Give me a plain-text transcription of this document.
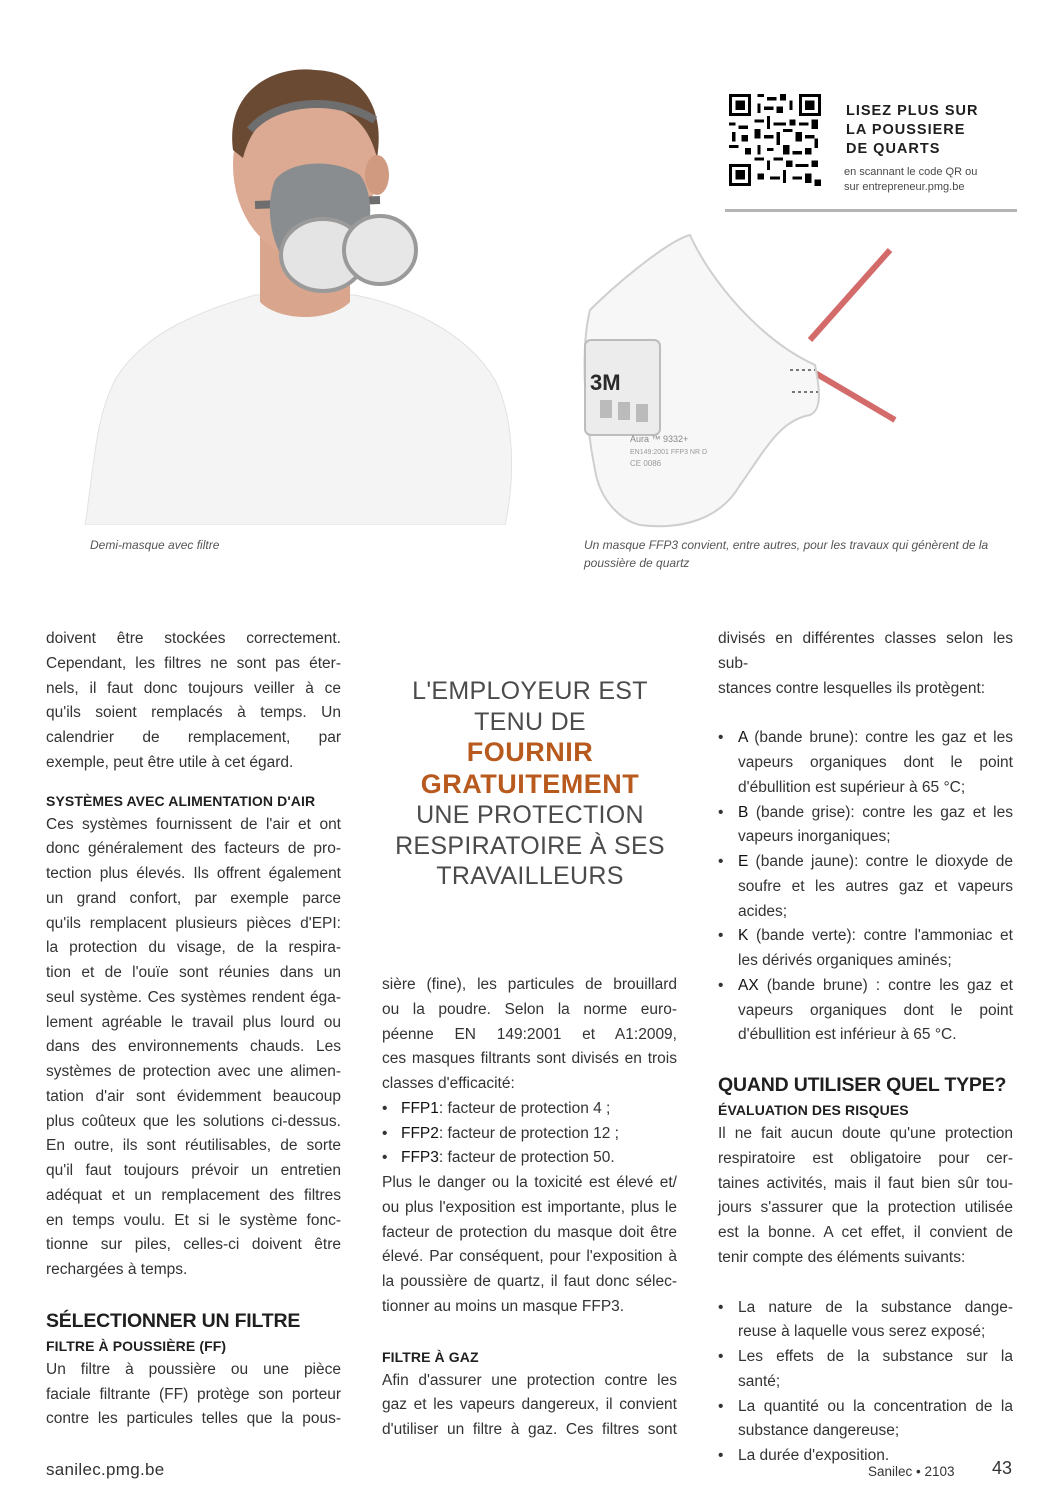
3M
Aura ™ 9332+
EN149:2001 FFP3 NR D
CE 0086
LISEZ PLUS SUR
LA POUSSIERE
DE QUARTS
en scannant le code QR ou
sur entrepreneur.pmg.be
Demi-masque avec filtre	Un masque FFP3 convient, entre autres, pour les travaux qui génèrent de la
poussière de quartz
doivent être stockées correctement.
Cependant, les filtres ne sont pas éter-
nels, il faut donc toujours veiller à ce
qu'ils soient remplacés à temps. Un
calendrier de remplacement, par
exemple, peut être utile à cet égard.
SYSTÈMES AVEC ALIMENTATION D'AIR
Ces systèmes fournissent de l'air et ont
donc généralement des facteurs de pro-
tection plus élevés. Ils offrent également
un grand confort, par exemple parce
qu'ils remplacent plusieurs pièces d'EPI:
la protection du visage, de la respira-
tion et de l'ouïe sont réunies dans un
seul système. Ces systèmes rendent éga-
lement agréable le travail plus lourd ou
dans des environnements chauds. Les
systèmes de protection avec une alimen-
tation d'air sont évidemment beaucoup
plus coûteux que les solutions ci-dessus.
En outre, ils sont réutilisables, de sorte
qu'il faut toujours prévoir un entretien
adéquat et un remplacement des filtres
en temps voulu. Et si le système fonc-
tionne sur piles, celles-ci doivent être
rechargées à temps.
SÉLECTIONNER UN FILTRE
FILTRE À POUSSIÈRE (FF)
Un filtre à poussière ou une pièce
faciale filtrante (FF) protège son porteur
contre les particules telles que la pous-
L'EMPLOYEUR EST
TENU DE
FOURNIR
GRATUITEMENT
UNE PROTECTION
RESPIRATOIRE À SES
TRAVAILLEURS
sière (fine), les particules de brouillard
ou la poudre. Selon la norme euro-
péenne EN 149:2001 et A1:2009,
ces masques filtrants sont divisés en trois
classes d'efficacité:
• FFP1: facteur de protection 4 ;
• FFP2: facteur de protection 12 ;
• FFP3: facteur de protection 50.
Plus le danger ou la toxicité est élevé et/
ou plus l'exposition est importante, plus le
facteur de protection du masque doit être
élevé. Par conséquent, pour l'exposition à
la poussière de quartz, il faut donc sélec-
tionner au moins un masque FFP3.
FILTRE À GAZ
Afin d'assurer une protection contre les
gaz et les vapeurs dangereux, il convient
d'utiliser un filtre à gaz. Ces filtres sont
divisés en différentes classes selon les sub-
stances contre lesquelles ils protègent:
• A (bande brune): contre les gaz et les
vapeurs organiques dont le point
d'ébullition est supérieur à 65 °C;
• B (bande grise): contre les gaz et les
vapeurs inorganiques;
• E (bande jaune): contre le dioxyde de
soufre et les autres gaz et vapeurs
acides;
• K (bande verte): contre l'ammoniac et
les dérivés organiques aminés;
• AX (bande brune) : contre les gaz et
vapeurs organiques dont le point
d'ébullition est inférieur à 65 °C.
QUAND UTILISER QUEL TYPE?
ÉVALUATION DES RISQUES
Il ne fait aucun doute qu'une protection
respiratoire est obligatoire pour cer-
taines activités, mais il faut bien sûr tou-
jours s'assurer que la protection utilisée
est la bonne. A cet effet, il convient de
tenir compte des éléments suivants:
• La nature de la substance dange-
reuse à laquelle vous serez exposé;
• Les effets de la substance sur la
santé;
• La quantité ou la concentration de la
substance dangereuse;
• La durée d'exposition.
sanilec.pmg.be	Sanilec • 2103 43
